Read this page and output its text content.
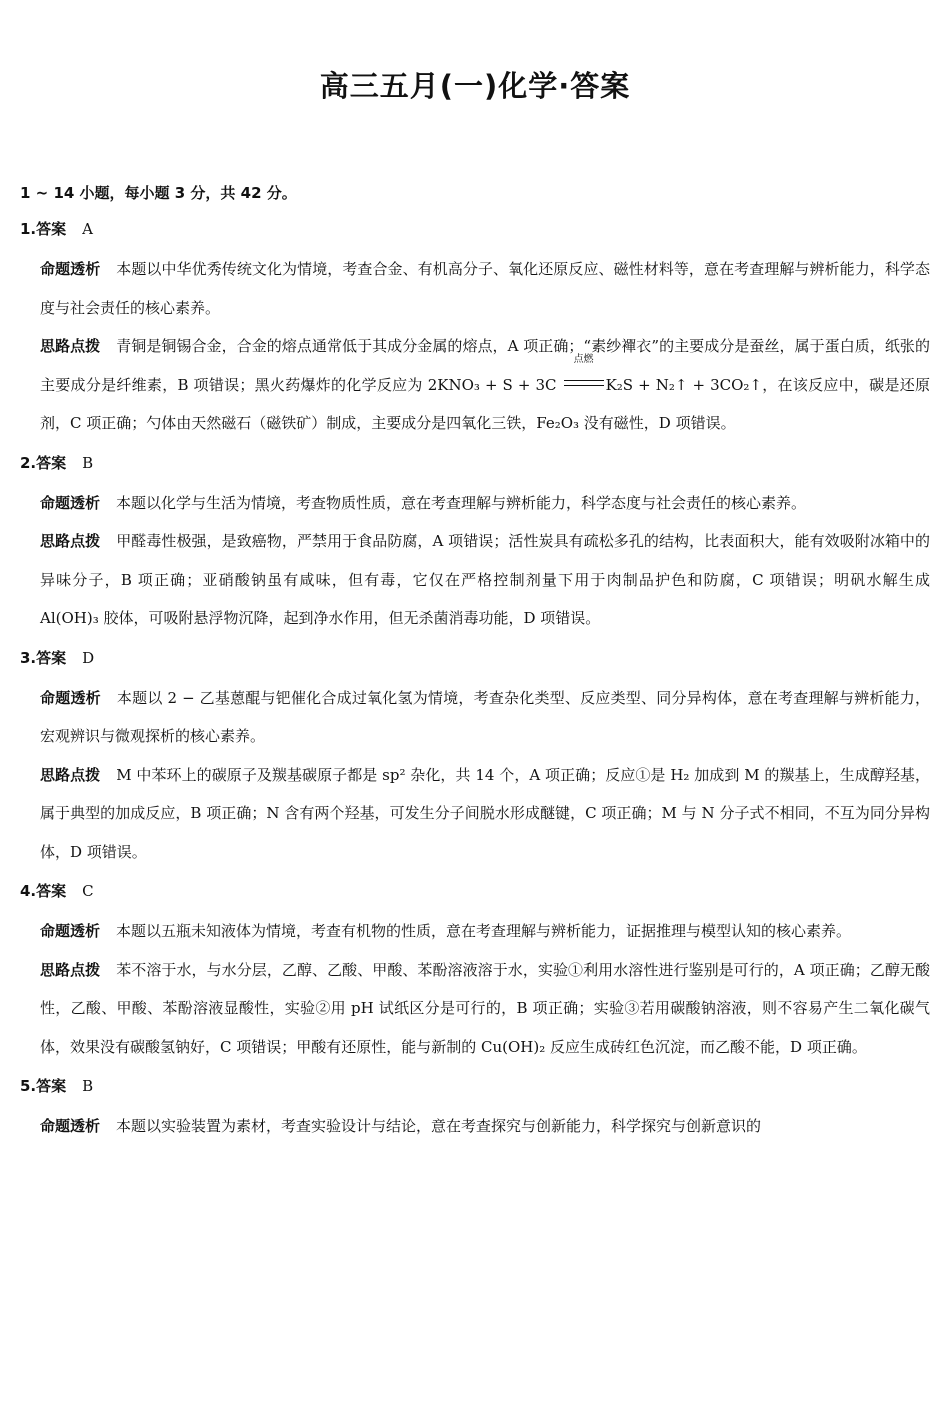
高三五月(一)化学·答案
1 ~ 14 小题，每小题 3 分，共 42 分。
1.答案 A
命题透析 本题以中华优秀传统文化为情境，考查合金、有机高分子、氧化还原反应、磁性材料等，意在考查理解与辨析能力，科学态度与社会责任的核心素养。
思路点拨 青铜是铜锡合金，合金的熔点通常低于其成分金属的熔点，A 项正确；“素纱襌衣”的主要成分是蚕丝，属于蛋白质，纸张的主要成分是纤维素，B 项错误；黑火药爆炸的化学反应为 2KNO₃ + S + 3C
点燃
K₂S + N₂↑ + 3CO₂↑，在该反应中，碳是还原剂，C 项正确；勺体由天然磁石（磁铁矿）制成，主要成分是四氧化三铁，Fe₂O₃ 没有磁性，D 项错误。
2.答案 B
命题透析 本题以化学与生活为情境，考查物质性质，意在考查理解与辨析能力，科学态度与社会责任的核心素养。
思路点拨 甲醛毒性极强，是致癌物，严禁用于食品防腐，A 项错误；活性炭具有疏松多孔的结构，比表面积大，能有效吸附冰箱中的异味分子，B 项正确；亚硝酸钠虽有咸味，但有毒，它仅在严格控制剂量下用于肉制品护色和防腐，C 项错误；明矾水解生成 Al(OH)₃ 胶体，可吸附悬浮物沉降，起到净水作用，但无杀菌消毒功能，D 项错误。
3.答案 D
命题透析 本题以 2 − 乙基蒽醌与钯催化合成过氧化氢为情境，考查杂化类型、反应类型、同分异构体，意在考查理解与辨析能力，宏观辨识与微观探析的核心素养。
思路点拨 M 中苯环上的碳原子及羰基碳原子都是 sp² 杂化，共 14 个，A 项正确；反应①是 H₂ 加成到 M 的羰基上，生成醇羟基，属于典型的加成反应，B 项正确；N 含有两个羟基，可发生分子间脱水形成醚键，C 项正确；M 与 N 分子式不相同，不互为同分异构体，D 项错误。
4.答案 C
命题透析 本题以五瓶未知液体为情境，考查有机物的性质，意在考查理解与辨析能力，证据推理与模型认知的核心素养。
思路点拨 苯不溶于水，与水分层，乙醇、乙酸、甲酸、苯酚溶液溶于水，实验①利用水溶性进行鉴别是可行的，A 项正确；乙醇无酸性，乙酸、甲酸、苯酚溶液显酸性，实验②用 pH 试纸区分是可行的，B 项正确；实验③若用碳酸钠溶液，则不容易产生二氧化碳气体，效果没有碳酸氢钠好，C 项错误；甲酸有还原性，能与新制的 Cu(OH)₂ 反应生成砖红色沉淀，而乙酸不能，D 项正确。
5.答案 B
命题透析 本题以实验装置为素材，考查实验设计与结论，意在考查探究与创新能力，科学探究与创新意识的
